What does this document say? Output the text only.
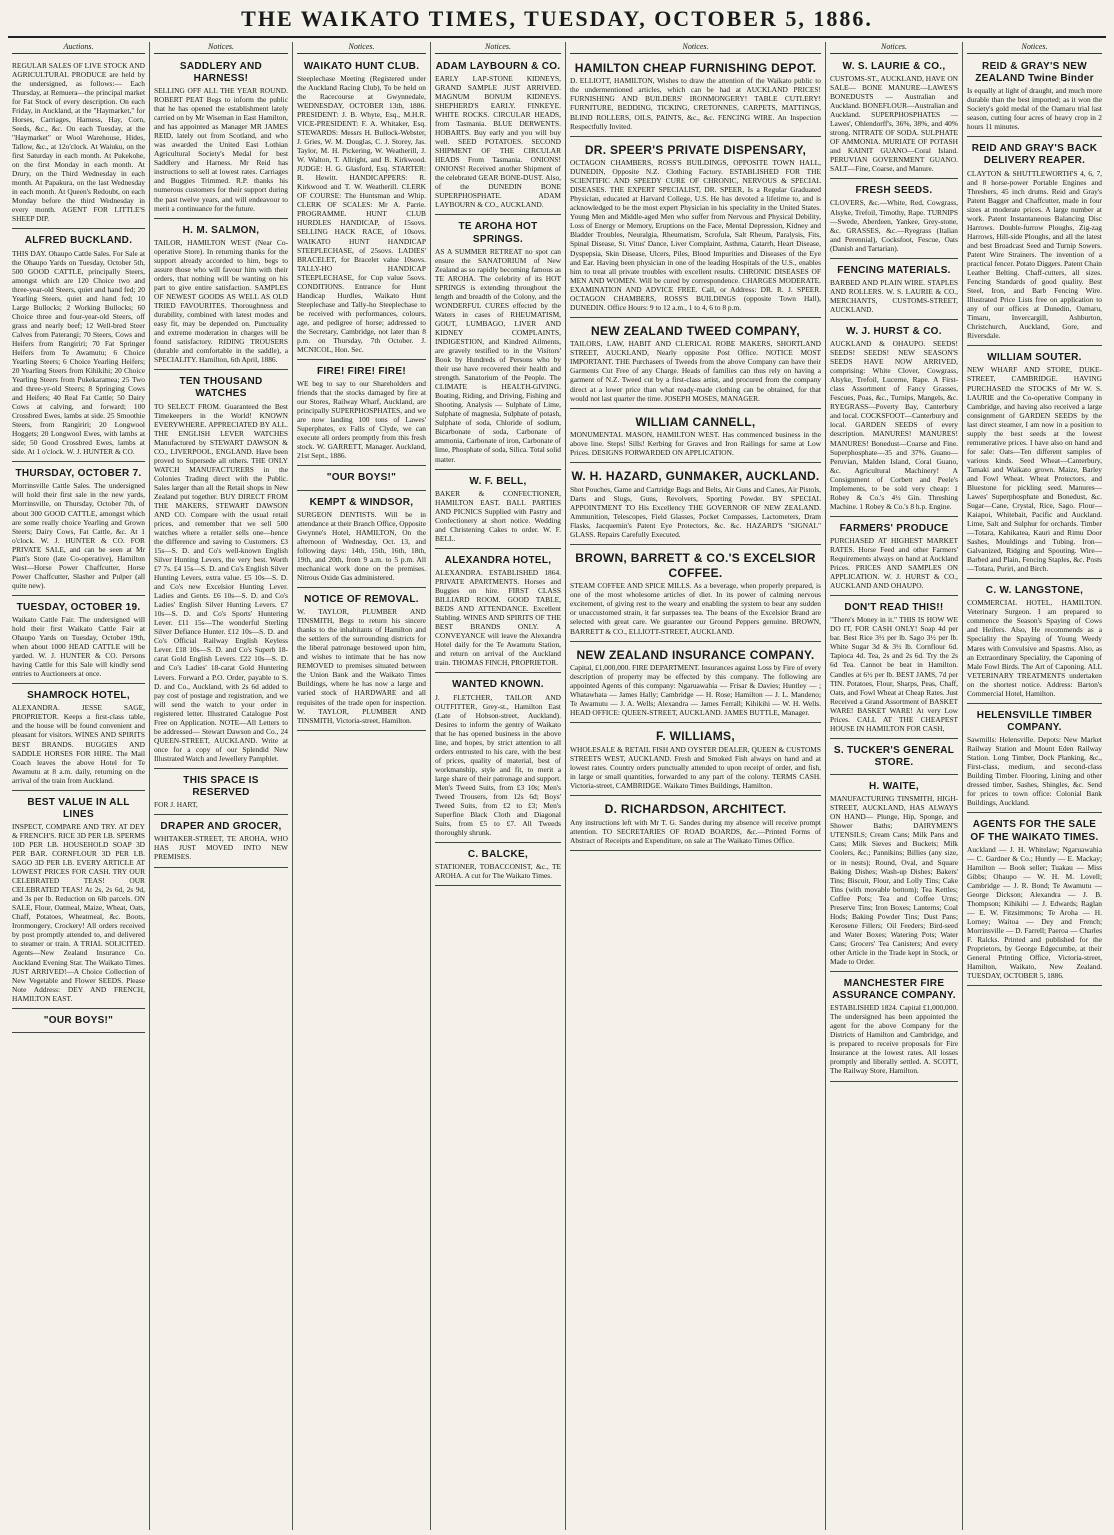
THE WAIKATO TIMES, TUESDAY, OCTOBER 5, 1886.
Auctions.

REGULAR SALES OF LIVE STOCK AND AGRICULTURAL PRODUCE are held by the undersigned, as follows:— Each Thursday, at Remuera—the principal market for Fat Stock of every description. On each Friday, in Auckland, at the "Haymarket," for Horses, Carriages, Harness, Hay, Corn, Seeds, &c., &c. On each Tuesday, at the "Haymarket" or Wool Warehouse, Hides, Tallow, &c., at 12o'clock. At Waiuku, on the first Saturday in each month. At Pukekohe, on the first Monday in each month. At Drury, on the Third Wednesday in each month. At Papakura, on the last Wednesday in each month. At Queen's Redoubt, on each Monday before the third Wednesday in every month. AGENT FOR LITTLE'S SHEEP DIP.

ALFRED BUCKLAND.

THIS DAY. Ohaupo Cattle Sales. For Sale at the Ohaupo Yards on Tuesday, October 5th, 500 GOOD CATTLE, principally Steers, amongst which are 120 Choice two and three-year-old Steers, quiet and hand fed; 20 Yearling Steers, quiet and hand fed; 10 Large Bullocks; 2 Working Bullocks; 60 Choice three and four-year-old Steers, off grass and nearly beef; 12 Well-bred Steer Calves from Paterangi; 70 Steers, Cows and Heifers from Rangiriri; 70 Fat Springer Heifers from Te Awamutu; 6 Choice Yearling Steers; 6 Choice Yearling Heifers; 20 Yearling Steers from Kihikihi; 20 Choice Yearling Steers from Pukekaramea; 25 Two and three-yr-old Steers; 8 Springing Cows and Heifers; 40 Real Fat Cattle; 50 Dairy Cows at calving, and forward; 100 Crossbred Ewes, lambs at side. 25 Smoothie Steers, from Rangiriri; 20 Longwool Hoggets; 20 Longwool Ewes, with lambs at side; 50 Good Crossbred Ewes, lambs at side. At 1 o'clock. W. J. HUNTER & CO.

THURSDAY, OCTOBER 7.

Morrinsville Cattle Sales. The undersigned will hold their first sale in the new yards, Morrinsville, on Thursday, October 7th, of about 300 GOOD CATTLE, amongst which are some really choice Yearling and Grown Steers; Dairy Cows, Fat Cattle, &c. At 1 o'clock. W. J. HUNTER & CO. FOR PRIVATE SALE, and can be seen at Mr Piatt's Store (late Co-operative), Hamilton West—Horse Power Chaffcutter, Horse Power Chaffcutter, Slasher and Pulper (all quite new).

TUESDAY, OCTOBER 19.

Waikato Cattle Fair. The undersigned will hold their first Waikato Cattle Fair at Ohaupo Yards on Tuesday, October 19th, when about 1000 HEAD CATTLE will be yarded. W. J. HUNTER & CO. Persons having Cattle for this Sale will kindly send entries to Auctioneers at once.

SHAMROCK HOTEL,

ALEXANDRA. JESSE SAGE, PROPRIETOR. Keeps a first-class table, and the house will be found convenient and pleasant for visitors. WINES AND SPIRITS BEST BRANDS. BUGGIES AND SADDLE HORSES FOR HIRE. The Mail Coach leaves the above Hotel for Te Awamutu at 8 a.m. daily, returning on the arrival of the train from Auckland.

BEST VALUE IN ALL LINES

INSPECT, COMPARE AND TRY. AT DEY & FRENCH'S. RICE 3D PER LB. SPERMS 10D PER LB. HOUSEHOLD SOAP 3D PER BAR. CORNFLOUR 3D PER LB. SAGO 3D PER LB. EVERY ARTICLE AT LOWEST PRICES FOR CASH. TRY OUR CELEBRATED TEAS! OUR CELEBRATED TEAS! At 2s, 2s 6d, 2s 9d, and 3s per lb. Reduction on 6lb parcels. ON SALE, Flour, Oatmeal, Maize, Wheat, Oats, Chaff, Potatoes, Wheatmeal, &c. Boots, Ironmongery, Crockery! All orders received by post promptly attended to, and delivered to steamer or train. A TRIAL SOLICITED. Agents—New Zealand Insurance Co. Auckland Evening Star. The Waikato Times. JUST ARRIVED!—A Choice Collection of New Vegetable and Flower SEEDS. Please Note Address: DEY AND FRENCH, HAMILTON EAST.

"OUR BOYS!"
Notices.
SADDLERY AND HARNESS!

SELLING OFF ALL THE YEAR ROUND. ROBERT PEAT Begs to inform the public that he has opened the establishment lately carried on by Mr Wiseman in East Hamilton, and has appointed as Manager MR JAMES REID, lately out from Scotland, and who was awarded the United East Lothian Agricultural Society's Medal for best Saddlery and Harness. Mr Reid has instructions to sell at lowest rates. Carriages and Buggies Trimmed. R.P. thanks his numerous customers for their support during the past twelve years, and will endeavour to merit a continuance for the future.

H. M. SALMON,

TAILOR, HAMILTON WEST (Near Co-operative Store). In returning thanks for the support already accorded to him, begs to assure those who will favour him with their orders, that nothing will be wanting on his part to give entire satisfaction. SAMPLES OF NEWEST GOODS AS WELL AS OLD TRIED FAVOURITES. Thoroughness and durability, combined with latest modes and easy fit, may be depended on. Punctuality and extreme moderation in charges will be found satisfactory. RIDING TROUSERS (durable and comfortable in the saddle), a SPECIALITY. Hamilton, 6th April, 1886.

TEN THOUSAND WATCHES

TO SELECT FROM. Guaranteed the Best Timekeepers in the World! KNOWN EVERYWHERE. APPRECIATED BY ALL. THE ENGLISH LEVER WATCHES Manufactured by STEWART DAWSON & CO., LIVERPOOL, ENGLAND. Have been proved to Supersede all others. THE ONLY WATCH MANUFACTURERS in the Colonies Trading direct with the Public. Sales larger than all the Retail shops in New Zealand put together. BUY DIRECT FROM THE MAKERS, STEWART DAWSON AND CO. Compare with the usual retail prices, and remember that we sell 500 watches where a retailer sells one—hence the difference and saving to Customers. £3 15s—S. D. and Co's well-known English Silver Hunting Levers, the very best. Worth £7 7s. £4 15s—S. D. and Co's English Silver Hunting Levers, extra value. £5 10s—S. D. and Co's new Excelsior Hunting Lever. Ladies and Gents. £6 10s—S. D. and Co's Ladies' English Silver Hunting Levers. £7 10s—S. D. and Co's Sports' Huntering Lever. £11 15s—The wonderful Sterling Silver Defiance Hunter. £12 10s—S. D. and Co's Official Railway English Keyless Lever. £18 10s—S. D. and Co's Superb 18-carat Gold English Levers. £22 10s—S. D. and Co's Ladies' 18-carat Gold Huntering Levers. Forward a P.O. Order, payable to S. D. and Co., Auckland, with 2s 6d added to pay cost of postage and registration, and we will send the watch to your order in registered letter. Illustrated Catalogue Post Free on Application. NOTE—All Letters to be addressed— Stewart Dawson and Co., 24 QUEEN-STREET, AUCKLAND. Write at once for a copy of our Splendid New Illustrated Watch and Jewellery Pamphlet.

THIS SPACE IS RESERVED

FOR J. HART,

DRAPER AND GROCER,

WHITAKER-STREET, TE AROHA, WHO HAS JUST MOVED INTO NEW PREMISES.

Notices.
WAIKATO HUNT CLUB.

Steeplechase Meeting (Registered under the Auckland Racing Club), To be held on the Racecourse at Gwynnedale, WEDNESDAY, OCTOBER 13th, 1886. PRESIDENT: J. B. Whyte, Esq., M.H.R. VICE-PRESIDENT: F. A. Whitaker, Esq. STEWARDS: Messrs H. Bullock-Webster, J. Gries, W. M. Douglas, C. J. Storey, Jas. Taylor, M. H. Pickering, W. Weatherill, J. W. Walton, T. Allright, and B. Kirkwood. JUDGE: H. G. Glasford, Esq. STARTER: R. Hewitt. HANDICAPPERS: R. Kirkwood and T. W. Weatherill. CLERK OF COURSE: The Huntsman and Whip. CLERK OF SCALES: Mr A. Parrie. PROGRAMME. HUNT CLUB HURDLES HANDICAP, of 15sovs. SELLING HACK RACE, of 10sovs. WAIKATO HUNT HANDICAP STEEPLECHASE, of 25sovs. LADIES' BRACELET, for Bracelet value 10sovs. TALLY-HO HANDICAP STEEPLECHASE, for Cup value 5sovs. CONDITIONS. Entrance for Hunt Handicap Hurdles, Waikato Hunt Steeplechase and Tally-ho Steeplechase to be received with performances, colours, age, and pedigree of horse; addressed to the Secretary, Cambridge, not later than 8 p.m. on Thursday, 7th October. J. MCNICOL, Hon. Sec.

FIRE! FIRE! FIRE!

WE beg to say to our Shareholders and friends that the stocks damaged by fire at our Stores, Railway Wharf, Auckland, are principally SUPERPHOSPHATES, and we are now landing 100 tons of Lawes' Superphates, ex Falls of Clyde, we can execute all orders promptly from this fresh stock. W. GARRETT, Manager. Auckland, 21st Sept., 1886.

"OUR BOYS!"
KEMPT & WINDSOR,

SURGEON DENTISTS. Will be in attendance at their Branch Office, Opposite Gwynne's Hotel, HAMILTON, On the afternoon of Wednesday, Oct. 13, and following days: 14th, 15th, 16th, 18th, 19th, and 20th, from 9 a.m. to 5 p.m. All mechanical work done on the premises. Nitrous Oxide Gas administered.

NOTICE OF REMOVAL.

W. TAYLOR, PLUMBER AND TINSMITH, Begs to return his sincere thanks to the inhabitants of Hamilton and the settlers of the surrounding districts for the liberal patronage bestowed upon him, and wishes to intimate that he has now REMOVED to premises situated between the Union Bank and the Waikato Times Buildings, where he has now a large and varied stock of HARDWARE and all requisites of the trade open for inspection. W. TAYLOR, PLUMBER AND TINSMITH, Victoria-street, Hamilton.

Notices.
ADAM LAYBOURN & CO.

EARLY LAP-STONE KIDNEYS, GRAND SAMPLE JUST ARRIVED. MAGNUM BONUM KIDNEYS. SHEPHERD'S EARLY. FINKEYE. WHITE ROCKS. CIRCULAR HEADS, from Tasmania. BLUE DERWENTS. HOBARTS. Buy early and you will buy well. SEED POTATOES. SECOND SHIPMENT OF THE CIRCULAR HEADS From Tasmania. ONIONS! ONIONS! Received another Shipment of the celebrated GEAR BONE-DUST. Also, of the DUNEDIN BONE SUPERPHOSPHATE. ADAM LAYBOURN & CO., AUCKLAND.

TE AROHA HOT SPRINGS.

AS A SUMMER RETREAT no spot can ensure the SANATORIUM of New Zealand as so rapidly becoming famous as TE AROHA. The celebrity of its HOT SPRINGS is extending throughout the length and breadth of the Colony, and the WONDERFUL CURES effected by the Waters in cases of RHEUMATISM, GOUT, LUMBAGO, LIVER AND KIDNEY COMPLAINTS, INDIGESTION, and Kindred Ailments, are gravely testified to in the Visitors' Book by Hundreds of Persons who by their use have recovered their health and strength. Sanatorium of the People. The CLIMATE is HEALTH-GIVING. Boating, Riding, and Driving, Fishing and Shooting. Analysis — Sulphate of Lime, Sulphate of magnesia, Sulphate of potash, Sulphate of soda, Chloride of sodium, Bicarbonate of soda, Carbonate of ammonia, Carbonate of iron, Carbonate of lime, Phosphate of soda, Silica. Total solid matter.

W. F. BELL,

BAKER & CONFECTIONER, HAMILTON EAST. BALL PARTIES AND PICNICS Supplied with Pastry and Confectionery at short notice. Wedding and Christening Cakes to order. W. F. BELL.

ALEXANDRA HOTEL,

ALEXANDRA. ESTABLISHED 1864. PRIVATE APARTMENTS. Horses and Buggies on hire. FIRST CLASS BILLIARD ROOM. GOOD TABLE, BEDS AND ATTENDANCE. Excellent Stabling. WINES AND SPIRITS OF THE BEST BRANDS ONLY. A CONVEYANCE will leave the Alexandra Hotel daily for the Te Awamutu Station, and return on arrival of the Auckland train. THOMAS FINCH, PROPRIETOR.

WANTED KNOWN.

J. FLETCHER, TAILOR AND OUTFITTER, Grey-st., Hamilton East (Late of Hobson-street, Auckland). Desires to inform the gentry of Waikato that he has opened business in the above line, and hopes, by strict attention to all orders entrusted to his care, with the best of prices, quality of material, best of workmanship, style and fit, to merit a large share of their patronage and support. Men's Tweed Suits, from £3 10s; Men's Tweed Trousers, from 12s 6d; Boys' Tweed Suits, from £2 to £3; Men's Superfine Black Cloth and Diagonal Suits, from £5 to £7. All Tweeds thoroughly shrunk.

C. BALCKE,

STATIONER, TOBACCONIST, &c., TE AROHA. A cut for The Waikato Times.

Notices.
HAMILTON CHEAP FURNISHING DEPOT.

D. ELLIOTT, HAMILTON, Wishes to draw the attention of the Waikato public to the undermentioned articles, which can be had at AUCKLAND PRICES! FURNISHING AND BUILDERS' IRONMONGERY! TABLE CUTLERY! FURNITURE, BEDDING, TICKING, CRETONNES, CARPETS, MATTINGS, BLIND ROLLERS, OILS, PAINTS, &c., &c. FENCING WIRE. An Inspection Respectfully Invited.

DR. SPEER'S PRIVATE DISPENSARY,

OCTAGON CHAMBERS, ROSS'S BUILDINGS, OPPOSITE TOWN HALL, DUNEDIN, Opposite N.Z. Clothing Factory. ESTABLISHED FOR THE SCIENTIFIC AND SPEEDY CURE OF CHRONIC, NERVOUS & SPECIAL DISEASES. THE EXPERT SPECIALIST, DR. SPEER, Is a Regular Graduated Physician, educated at Harvard College, U.S. He has devoted a lifetime to, and is acknowledged to be the most expert Physician in his speciality in the United States. Young Men and Middle-aged Men who suffer from Nervous and Physical Debility, Loss of Energy or Memory, Eruptions on the Face, Mental Depression, Kidney and Bladder Troubles, Neuralgia, Rheumatism, Scrofula, Salt Rheum, Paralysis, Fits, Spinal Disease, St. Vitus' Dance, Liver Complaint, Asthma, Catarrh, Heart Disease, Dyspepsia, Skin Disease, Ulcers, Piles, Blood Impurities and Diseases of the Eye and Ear. Having been physician in one of the leading Hospitals of the U.S., enables him to treat all private troubles with excellent results. CHRONIC DISEASES OF MEN AND WOMEN. Will be cured by correspondence. CHARGES MODERATE. EXAMINATION AND ADVICE FREE. Call, or Address: DR. R. J. SPEER. OCTAGON CHAMBERS, ROSS'S BUILDINGS (opposite Town Hall), DUNEDIN. Office Hours: 9 to 12 a.m., 1 to 4, 6 to 8 p.m.

NEW ZEALAND TWEED COMPANY,

TAILORS, LAW, HABIT AND CLERICAL ROBE MAKERS, SHORTLAND STREET, AUCKLAND, Nearly opposite Post Office. NOTICE MOST IMPORTANT. THE Purchasers of Tweeds from the above Company can have their Garments Cut Free of any Charge. Heads of families can thus rely on having a garment of N.Z. Tweed cut by a first-class artist, and procured from the company direct at a lower price than what ready-made clothing can be obtained, for that would not last quarter the time. JOSEPH MOSES, MANAGER.

WILLIAM CANNELL,

MONUMENTAL MASON, HAMILTON WEST. Has commenced business in the above line. Steps! Sills! Kerbing for Graves and Iron Railings for same at Low Prices. DESIGNS FORWARDED ON APPLICATION.

W. H. HAZARD, GUNMAKER, AUCKLAND.

Shot Pouches, Game and Cartridge Bags and Belts, Air Guns and Canes, Air Pistols, Darts and Slugs, Guns, Revolvers, Sporting Powder. BY SPECIAL APPOINTMENT TO His Excellency THE GOVERNOR OF NEW ZEALAND. Ammunition, Telescopes, Field Glasses, Pocket Compasses, Lactometers, Dram Flasks, Jacquemin's Patent Eye Protectors, &c. &c. HAZARD'S "SIGNAL" GLASS. Repairs Carefully Executed.

BROWN, BARRETT & CO.'S EXCELSIOR COFFEE.

STEAM COFFEE AND SPICE MILLS. As a beverage, when properly prepared, is one of the most wholesome articles of diet. In its power of calming nervous excitement, of giving rest to the weary and enabling the system to bear any sudden or unaccustomed strain, it far surpasses tea. The beans of the Excelsior Brand are selected with great care. We guarantee our Ground Peppers genuine. BROWN, BARRETT & CO., ELLIOTT-STREET, AUCKLAND.

NEW ZEALAND INSURANCE COMPANY.

Capital, £1,000,000. FIRE DEPARTMENT. Insurances against Loss by Fire of every description of property may be effected by this company. The following are appointed Agents of this company: Ngaruawahia — Frisar & Davies; Huntley — ; Whatawhata — James Hally; Cambridge — H. Rose; Hamilton — J. L. Mandeno; Te Awamutu — J. A. Wells; Alexandra — James Ferrall; Kihikihi — W. H. Wells. HEAD OFFICE: QUEEN-STREET, AUCKLAND. JAMES BUTTLE, Manager.

F. WILLIAMS,

WHOLESALE & RETAIL FISH AND OYSTER DEALER, QUEEN & CUSTOMS STREETS WEST, AUCKLAND. Fresh and Smoked Fish always on hand and at lowest rates. Country orders punctually attended to upon receipt of order, and fish, in large or small quantities, forwarded to any part of the colony. TERMS CASH. Victoria-street, CAMBRIDGE. Waikato Times Buildings, Hamilton.

D. RICHARDSON, ARCHITECT.

Any instructions left with Mr T. G. Sandes during my absence will receive prompt attention. TO SECRETARIES OF ROAD BOARDS, &c.—Printed Forms of Abstract of Receipts and Expenditure, on sale at The Waikato Times Office.

Notices.
W. S. LAURIE & CO.,

CUSTOMS-ST., AUCKLAND, HAVE ON SALE— BONE MANURE—LAWES'S BONEDUSTS — Australian and Auckland. BONEFLOUR—Australian and Auckland. SUPERPHOSPHATES — Lawes', Ohlendorff's, 36%, 38%, and 40% strong. NITRATE OF SODA. SULPHATE OF AMMONIA. MURIATE OF POTASH and KAINIT GUANO—Coral Island. PERUVIAN GOVERNMENT GUANO. SALT—Fine, Coarse, and Manure.

FRESH SEEDS.

CLOVERS, &c.—White, Red, Cowgrass, Alsyke, Trefoil, Timothy, Rape. TURNIPS—Swede, Aberdeen, Yankee, Grey-stone, &c. GRASSES, &c.—Ryegrass (Italian and Perennial), Cocksfoot, Fescue, Oats (Danish and Tartarian).

FENCING MATERIALS.

BARBED AND PLAIN WIRE. STAPLES AND ROLLERS. W. S. LAURIE & CO., MERCHANTS, CUSTOMS-STREET, AUCKLAND.

W. J. HURST & CO.

AUCKLAND & OHAUPO. SEEDS! SEEDS! SEEDS! NEW SEASON'S SEEDS HAVE NOW ARRIVED, comprising: White Clover, Cowgrass, Alsyke, Trefoil, Lucerne, Rape. A First-class Assortment of Fancy Grasses, Fescues, Poas, &c., Turnips, Mangels, &c. RYEGRASS—Poverty Bay, Canterbury and local. COCKSFOOT—Canterbury and local. GARDEN SEEDS of every description. MANURES! MANURES! MANURES! Bonedust—Coarse and Fine. Superphosphate—35 and 37%. Guano—Peruvian, Malden Island, Coral Guano, &c. Agricultural Machinery! A Consignment of Corbett and Peele's Implements, to be sold very cheap: 1 Robey & Co.'s 4½ Gin. Threshing Machine. 1 Robey & Co.'s 8 h.p. Engine.

FARMERS' PRODUCE

PURCHASED AT HIGHEST MARKET RATES. Horse Feed and other Farmers' Requirements always on hand at Auckland Prices. PRICES AND SAMPLES ON APPLICATION. W. J. HURST & CO., AUCKLAND AND OHAUPO.

DON'T READ THIS!!

"There's Money in it." THIS IS HOW WE DO IT, FOR CASH ONLY! Soap 4d per bar. Best Rice 3½ per lb. Sago 3½ per lb. White Sugar 3d & 3½ lb. Cornflour 6d. Tapioca 4d. Tea, 2s and 2s 6d. Try the 2s 6d Tea. Cannot be beat in Hamilton. Candles at 6½ per lb. BEST JAMS, 7d per TIN. Potatoes, Flour, Sharps, Peas, Chaff, Oats, and Fowl Wheat at Cheap Rates. Just Received a Grand Assortment of BASKET WARE! BASKET WARE! At very Low Prices. CALL AT THE CHEAPEST HOUSE IN HAMILTON FOR CASH,

S. TUCKER'S GENERAL STORE.
H. WAITE,

MANUFACTURING TINSMITH, HIGH-STREET, AUCKLAND, HAS ALWAYS ON HAND— Plunge, Hip, Sponge, and Shower Baths; DAIRYMEN'S UTENSILS; Cream Cans; Milk Pans and Cans; Milk Sieves and Buckets; Milk Coolers, &c.; Pannikins; Billies (any size, or in nests); Round, Oval, and Square Baking Dishes; Wash-up Dishes; Bakers' Tins; Biscuit, Flour, and Lolly Tins; Cake Tins (with movable bottom); Tea Kettles; Coffee Pots; Tea and Coffee Urns; Preserve Tins; Iron Boxes; Lanterns; Coal Hods; Baking Powder Tins; Dust Pans; Kerosene Fillers; Oil Feeders; Bird-seed and Water Boxes; Watering Pots; Water Cans; Grocers' Tea Canisters; And every other Article in the Trade kept in Stock, or Made to Order.

MANCHESTER FIRE ASSURANCE COMPANY.

ESTABLISHED 1824. Capital £1,000,000. The undersigned has been appointed the agent for the above Company for the Districts of Hamilton and Cambridge, and is prepared to receive proposals for Fire Insurance at the lowest rates. All losses promptly and liberally settled. A. SCOTT, The Railway Store, Hamilton.

Notices.
REID & GRAY'S NEW ZEALAND Twine Binder

Is equally at light of draught, and much more durable than the best imported; as it won the Society's gold medal of the Oamaru trial last season, cutting four acres of heavy crop in 2 hours 11 minutes.

REID AND GRAY'S BACK DELIVERY REAPER.

CLAYTON & SHUTTLEWORTH'S 4, 6, 7, and 8 horse-power Portable Engines and Threshers, 45 inch drums. Reid and Gray's Patent Bagger and Chaffcutter, made in four sizes at moderate prices. A large number at work. Patent Instantaneous Balancing Disc Harrows. Double-furrow Ploughs, Zig-zag Harrows, Hill-side Ploughs, and all the latest and best Broadcast Seed and Turnip Sowers. Patent Wire Strainers. The invention of a practical fencer. Potato Diggers. Patent Chain Leather Belting. Chaff-cutters, all sizes. Fencing Standards of good quality. Best Steel, Iron, and Barb Fencing Wire. Illustrated Price Lists free on application to any of our offices at Dunedin, Oamaru, Timaru, Invercargill, Ashburton, Christchurch, Auckland, Gore, and Riversdale.

WILLIAM SOUTER.

NEW WHARF AND STORE, DUKE-STREET, CAMBRIDGE. HAVING PURCHASED the STOCKS of Mr W. S. LAURIE and the Co-operative Company in Cambridge, and having also received a large consignment of GARDEN SEEDS by the last direct steamer, I am now in a position to supply the best seeds at the lowest remunerative prices. I have also on hand and for sale: Oats—Ten different samples of various kinds. Seed Wheat—Canterbury, Tamaki and Waikato grown. Maize, Barley and Fowl Wheat. Wheat Protectors, and Bluestone for pickling seed. Manures—Lawes' Superphosphate and Bonedust, &c. Sugar—Cane, Crystal, Rice, Sago. Flour—Kaiapoi, Whitebait, Pacific and Auckland. Lime, Salt and Sulphur for orchards. Timber—Totara, Kahikatea, Kauri and Rimu Door Sashes, Mouldings and Tubing. Iron—Galvanized, Ridging and Spouting. Wire—Barbed and Plain, Fencing Staples, &c. Posts—Totara, Puriri, and Birch.

C. W. LANGSTONE,

COMMERCIAL HOTEL, HAMILTON. Veterinary Surgeon. I am prepared to commence the Season's Spaying of Cows and Heifers. Also, He recommends as a Speciality the Spaying of Young Weedy Mares with Convulsive and Spasms. Also, as an Extraordinary Speciality, the Caponing of Male Fowl Birds. The Art of Caponing. ALL VETERINARY TREATMENTS undertaken on the shortest notice. Address: Barton's Commercial Hotel, Hamilton.

HELENSVILLE TIMBER COMPANY.

Sawmills: Helensville. Depots: New Market Railway Station and Mount Eden Railway Station. Long Timber, Dock Planking, &c., First-class, medium, and second-class Building Timber. Flooring, Lining and other dressed timber, Sashes, Shingles, &c. Send for prices to town office: Colonial Bank Buildings, Auckland.

AGENTS FOR THE SALE OF THE WAIKATO TIMES.

Auckland — J. H. Whitelaw; Ngaruawahia — C. Gardner & Co.; Huntly — E. Mackay; Hamilton — Book seller; Tuakau — Miss Gibbs; Ohaupo — W. H. M. Lovell; Cambridge — J. R. Bond; Te Awamutu — George Dickson; Alexandra — J. B. Thompson; Kihikihi — J. Edwards; Raglan — E. W. Fitzsimmons; Te Aroha — H. Lorney; Waitoa — Dey and French; Morrinsville — D. Farrell; Paeroa — Charles F. Ralcks. Printed and published for the Proprietors, by George Edgecumbe, at their General Printing Office, Victoria-street, Hamilton, Waikato, New Zealand. TUESDAY, OCTOBER 5, 1886.
